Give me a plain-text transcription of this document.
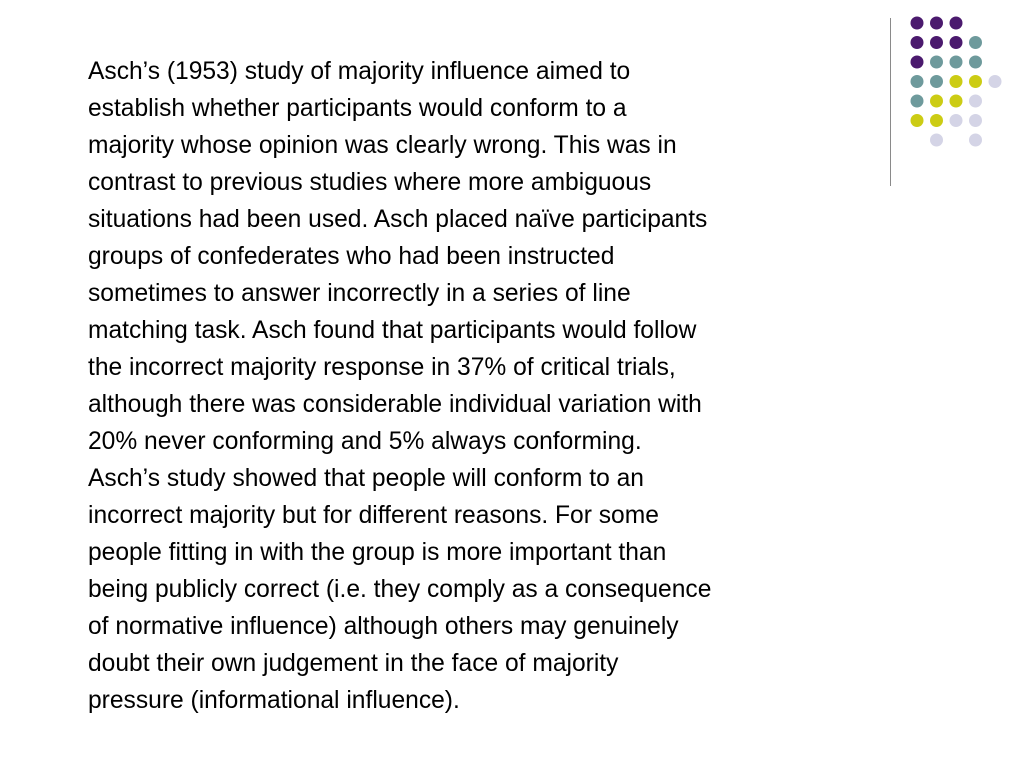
Asch’s (1953) study of majority influence aimed to

establish whether participants would conform to a

majority whose opinion was clearly wrong. This was in

contrast to previous studies where more ambiguous

situations had been used. Asch placed naïve participants

groups of confederates who had been instructed

sometimes to answer incorrectly in a series of line

matching task. Asch found that participants would follow

the incorrect majority response in 37% of critical trials,

although there was considerable individual variation with

20% never conforming and 5% always conforming.

Asch’s study showed that people will conform to an

incorrect majority but for different reasons. For some

people fitting in with the group is more important than

being publicly correct (i.e. they comply as a consequence

of normative influence) although others may genuinely

doubt their own judgement in the face of majority

pressure (informational influence).
